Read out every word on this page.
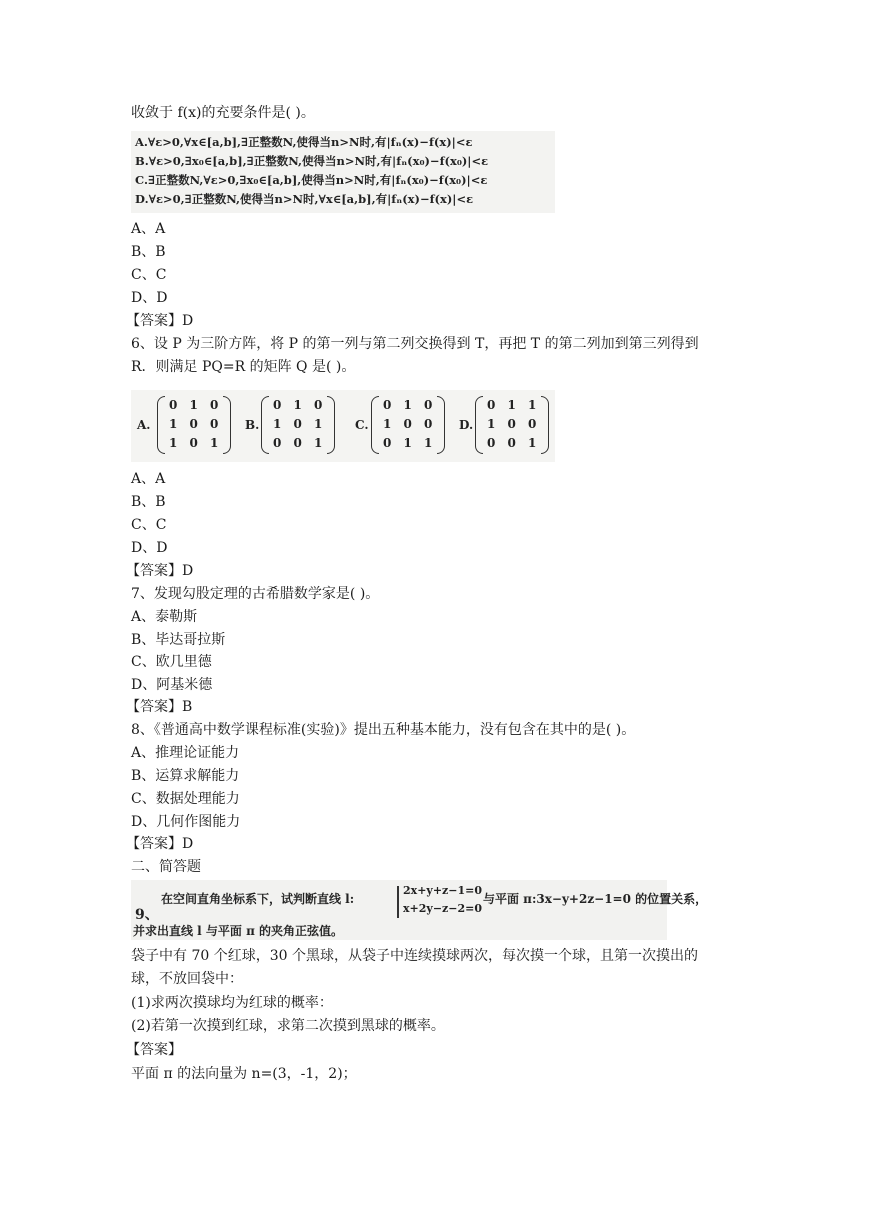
收敛于 f(x)的充要条件是( )。
A.∀ε>0,∀x∈[a,b],∃正整数N,使得当n>N时,有|fₙ(x)−f(x)|<ε
B.∀ε>0,∃x₀∈[a,b],∃正整数N,使得当n>N时,有|fₙ(x₀)−f(x₀)|<ε
C.∃正整数N,∀ε>0,∃x₀∈[a,b],使得当n>N时,有|fₙ(x₀)−f(x₀)|<ε
D.∀ε>0,∃正整数N,使得当n>N时,∀x∈[a,b],有|fₙ(x)−f(x)|<ε
A、A
B、B
C、C
D、D
【答案】D
6、设 P 为三阶方阵，将 P 的第一列与第二列交换得到 T，再把 T 的第二列加到第三列得到
R．则满足 PQ=R 的矩阵 Q 是( )。
A.
0 1 0
1 0 0
1 0 1
B.
0 1 0
1 0 1
0 0 1
C.
0 1 0
1 0 0
0 1 1
D.
0 1 1
1 0 0
0 0 1
A、A
B、B
C、C
D、D
【答案】D
7、发现勾股定理的古希腊数学家是( )。
A、泰勒斯
B、毕达哥拉斯
C、欧几里德
D、阿基米德
【答案】B
8、《普通高中数学课程标准(实验)》提出五种基本能力，没有包含在其中的是( )。
A、推理论证能力
B、运算求解能力
C、数据处理能力
D、几何作图能力
【答案】D
二、简答题
9、
在空间直角坐标系下，试判断直线 l:
2x+y+z−1=0
x+2y−z−2=0
与平面 π:3x−y+2z−1=0 的位置关系，
并求出直线 l 与平面 π 的夹角正弦值。
袋子中有 70 个红球，30 个黑球，从袋子中连续摸球两次，每次摸一个球，且第一次摸出的
球，不放回袋中：
(1)求两次摸球均为红球的概率：
(2)若第一次摸到红球，求第二次摸到黑球的概率。
【答案】
平面 π 的法向量为 n=(3，-1，2)；
